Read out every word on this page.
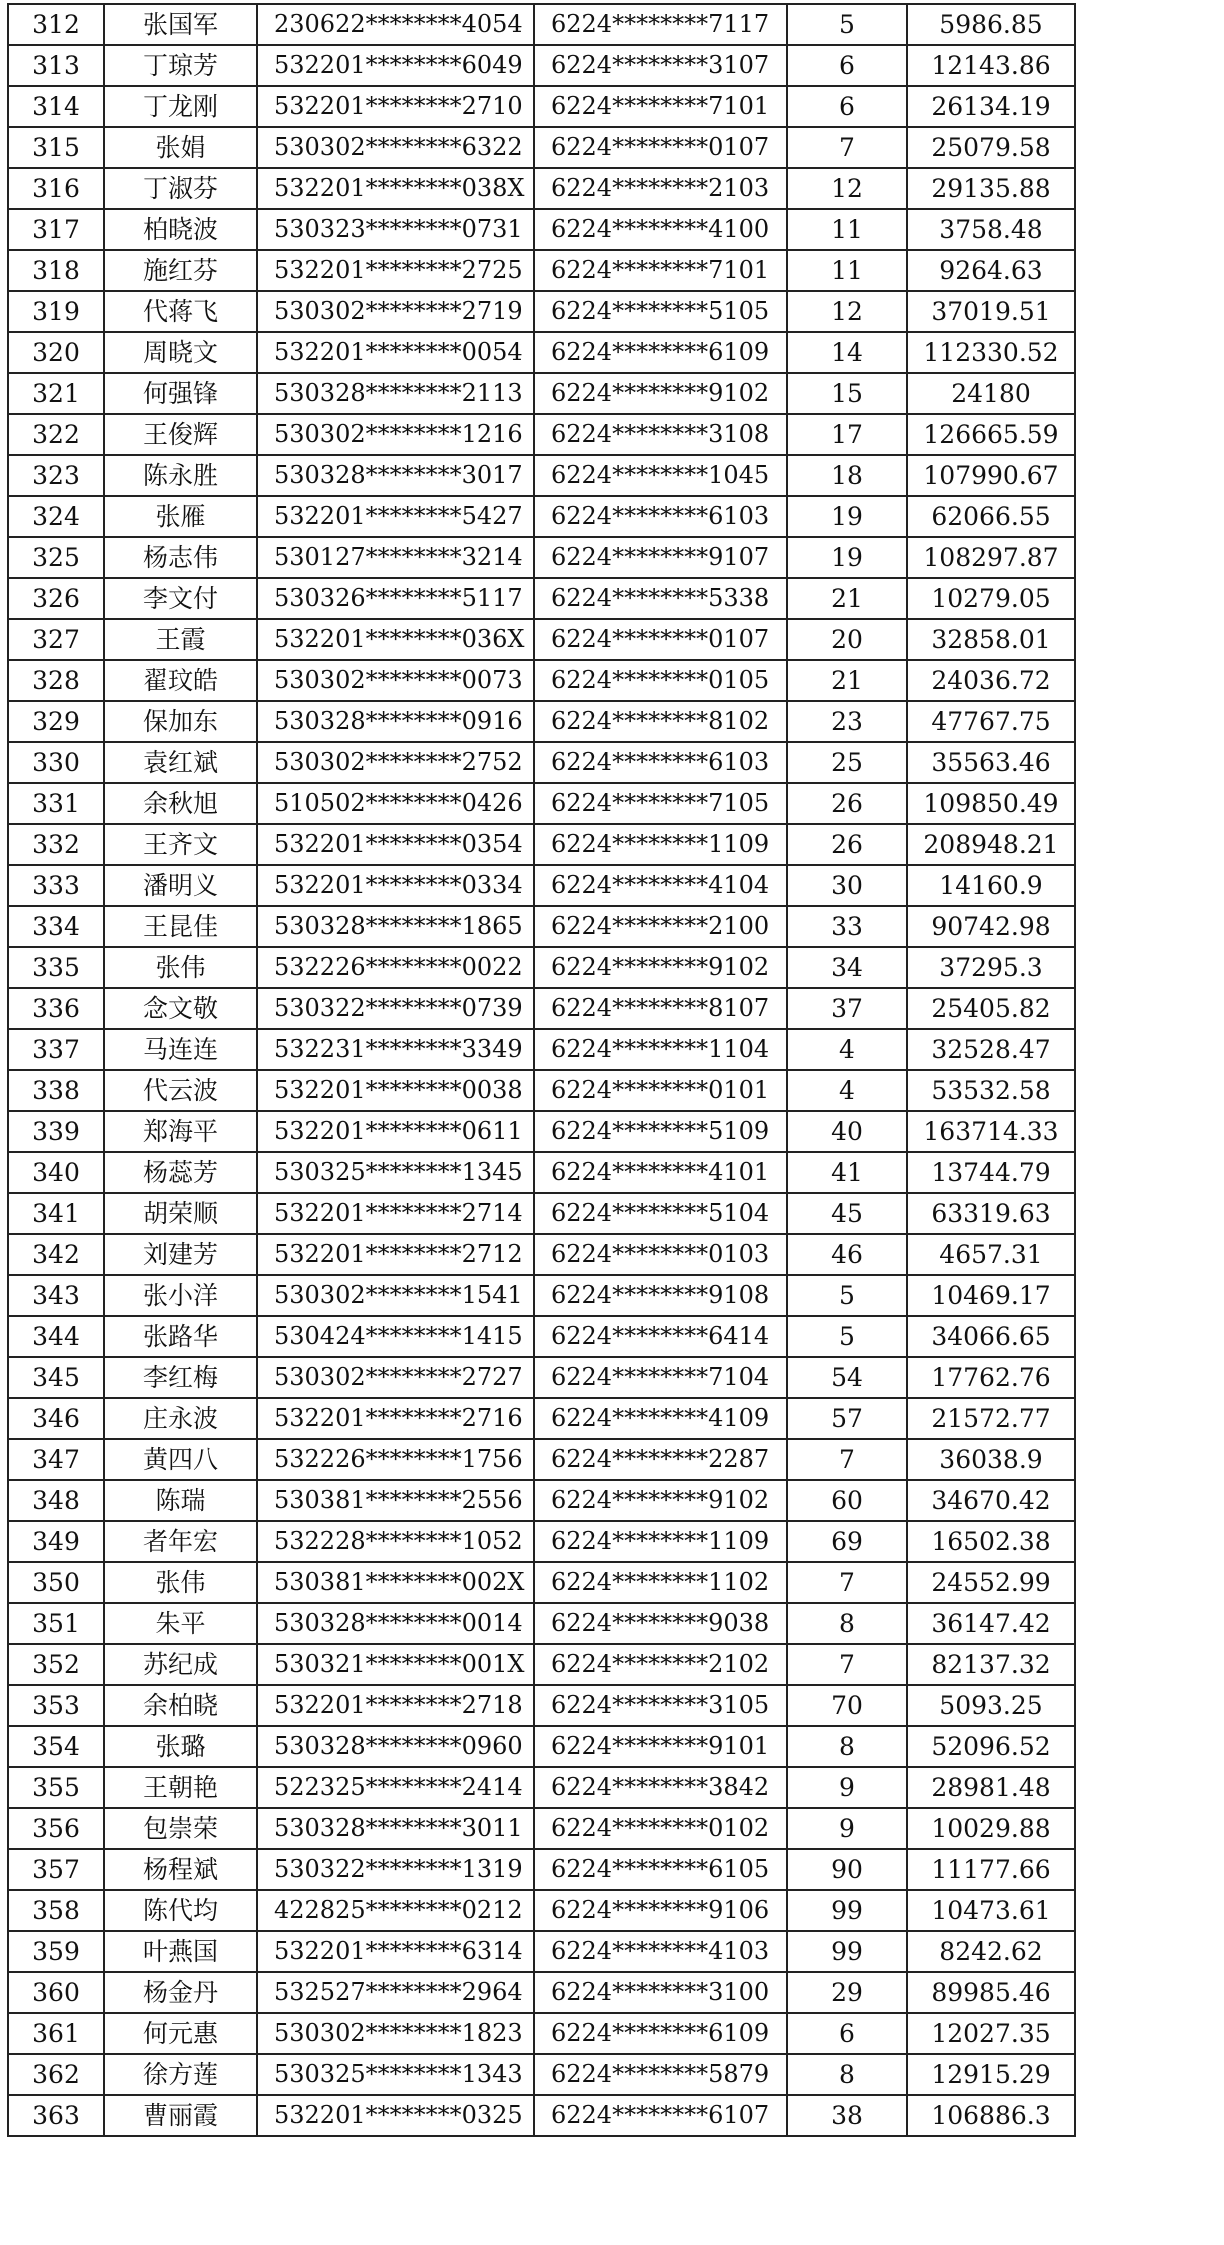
312	张国军	230622********4054	6224********7117	5	5986.85
313	丁琼芳	532201********6049	6224********3107	6	12143.86
314	丁龙刚	532201********2710	6224********7101	6	26134.19
315	张娟	530302********6322	6224********0107	7	25079.58
316	丁淑芬	532201********038X	6224********2103	12	29135.88
317	柏晓波	530323********0731	6224********4100	11	3758.48
318	施红芬	532201********2725	6224********7101	11	9264.63
319	代蒋飞	530302********2719	6224********5105	12	37019.51
320	周晓文	532201********0054	6224********6109	14	112330.52
321	何强锋	530328********2113	6224********9102	15	24180
322	王俊辉	530302********1216	6224********3108	17	126665.59
323	陈永胜	530328********3017	6224********1045	18	107990.67
324	张雁	532201********5427	6224********6103	19	62066.55
325	杨志伟	530127********3214	6224********9107	19	108297.87
326	李文付	530326********5117	6224********5338	21	10279.05
327	王霞	532201********036X	6224********0107	20	32858.01
328	翟玟皓	530302********0073	6224********0105	21	24036.72
329	保加东	530328********0916	6224********8102	23	47767.75
330	袁红斌	530302********2752	6224********6103	25	35563.46
331	余秋旭	510502********0426	6224********7105	26	109850.49
332	王齐文	532201********0354	6224********1109	26	208948.21
333	潘明义	532201********0334	6224********4104	30	14160.9
334	王昆佳	530328********1865	6224********2100	33	90742.98
335	张伟	532226********0022	6224********9102	34	37295.3
336	念文敬	530322********0739	6224********8107	37	25405.82
337	马连连	532231********3349	6224********1104	4	32528.47
338	代云波	532201********0038	6224********0101	4	53532.58
339	郑海平	532201********0611	6224********5109	40	163714.33
340	杨蕊芳	530325********1345	6224********4101	41	13744.79
341	胡荣顺	532201********2714	6224********5104	45	63319.63
342	刘建芳	532201********2712	6224********0103	46	4657.31
343	张小洋	530302********1541	6224********9108	5	10469.17
344	张路华	530424********1415	6224********6414	5	34066.65
345	李红梅	530302********2727	6224********7104	54	17762.76
346	庄永波	532201********2716	6224********4109	57	21572.77
347	黄四八	532226********1756	6224********2287	7	36038.9
348	陈瑞	530381********2556	6224********9102	60	34670.42
349	者年宏	532228********1052	6224********1109	69	16502.38
350	张伟	530381********002X	6224********1102	7	24552.99
351	朱平	530328********0014	6224********9038	8	36147.42
352	苏纪成	530321********001X	6224********2102	7	82137.32
353	余柏晓	532201********2718	6224********3105	70	5093.25
354	张璐	530328********0960	6224********9101	8	52096.52
355	王朝艳	522325********2414	6224********3842	9	28981.48
356	包崇荣	530328********3011	6224********0102	9	10029.88
357	杨程斌	530322********1319	6224********6105	90	11177.66
358	陈代均	422825********0212	6224********9106	99	10473.61
359	叶燕国	532201********6314	6224********4103	99	8242.62
360	杨金丹	532527********2964	6224********3100	29	89985.46
361	何元惠	530302********1823	6224********6109	6	12027.35
362	徐方莲	530325********1343	6224********5879	8	12915.29
363	曹丽霞	532201********0325	6224********6107	38	106886.3
